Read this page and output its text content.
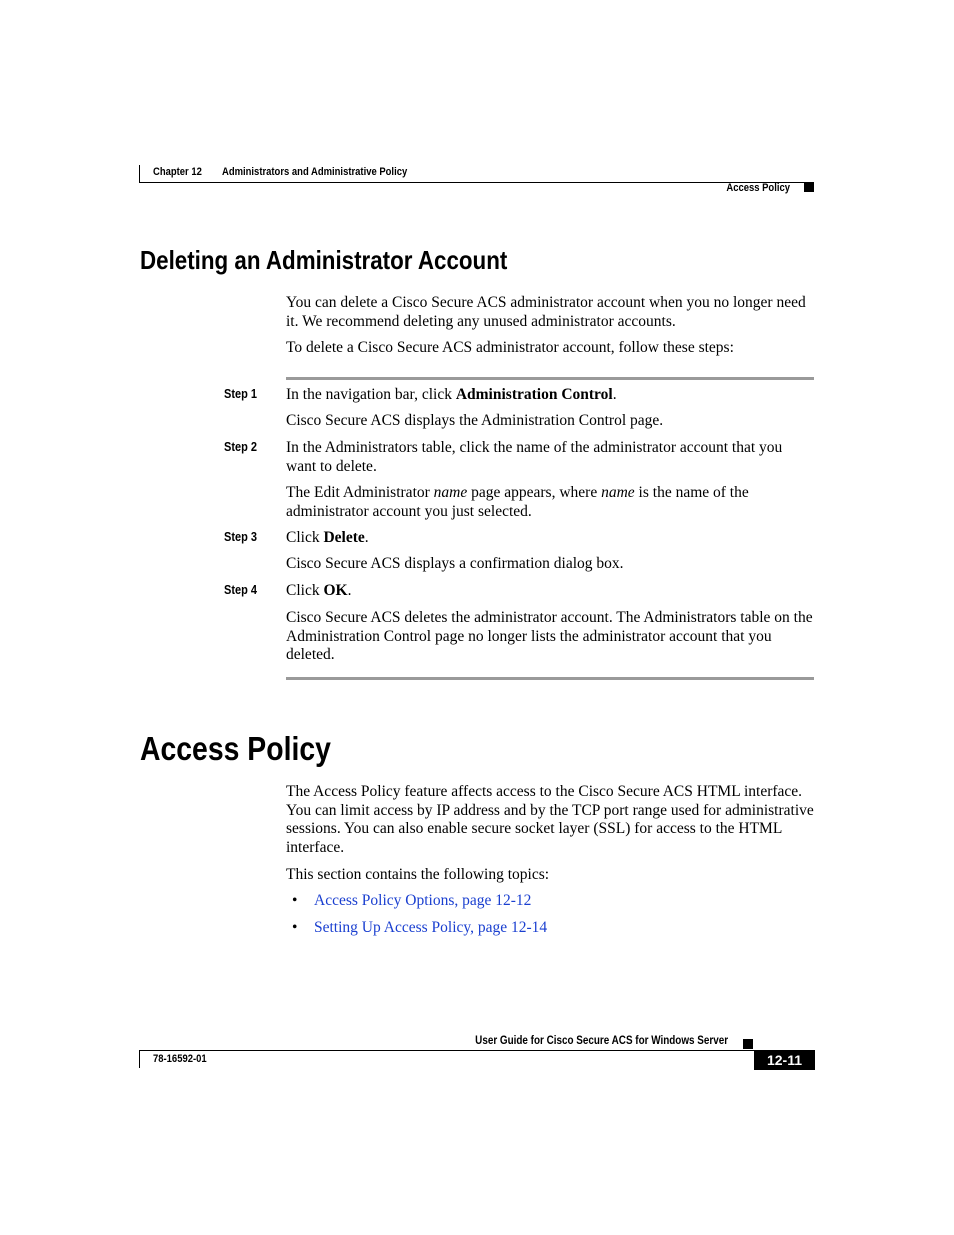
Chapter 12 Administrators and Administrative Policy
Access Policy
Deleting an Administrator Account
You can delete a Cisco Secure ACS administrator account when you no longer need it. We recommend deleting any unused administrator accounts.
To delete a Cisco Secure ACS administrator account, follow these steps:
Step 1 In the navigation bar, click Administration Control.
Cisco Secure ACS displays the Administration Control page.
Step 2 In the Administrators table, click the name of the administrator account that you want to delete.
The Edit Administrator name page appears, where name is the name of the administrator account you just selected.
Step 3 Click Delete.
Cisco Secure ACS displays a confirmation dialog box.
Step 4 Click OK.
Cisco Secure ACS deletes the administrator account. The Administrators table on the Administration Control page no longer lists the administrator account that you deleted.
Access Policy
The Access Policy feature affects access to the Cisco Secure ACS HTML interface. You can limit access by IP address and by the TCP port range used for administrative sessions. You can also enable secure socket layer (SSL) for access to the HTML interface.
This section contains the following topics:
• Access Policy Options, page 12-12
• Setting Up Access Policy, page 12-14
User Guide for Cisco Secure ACS for Windows Server
78-16592-01	12-11
